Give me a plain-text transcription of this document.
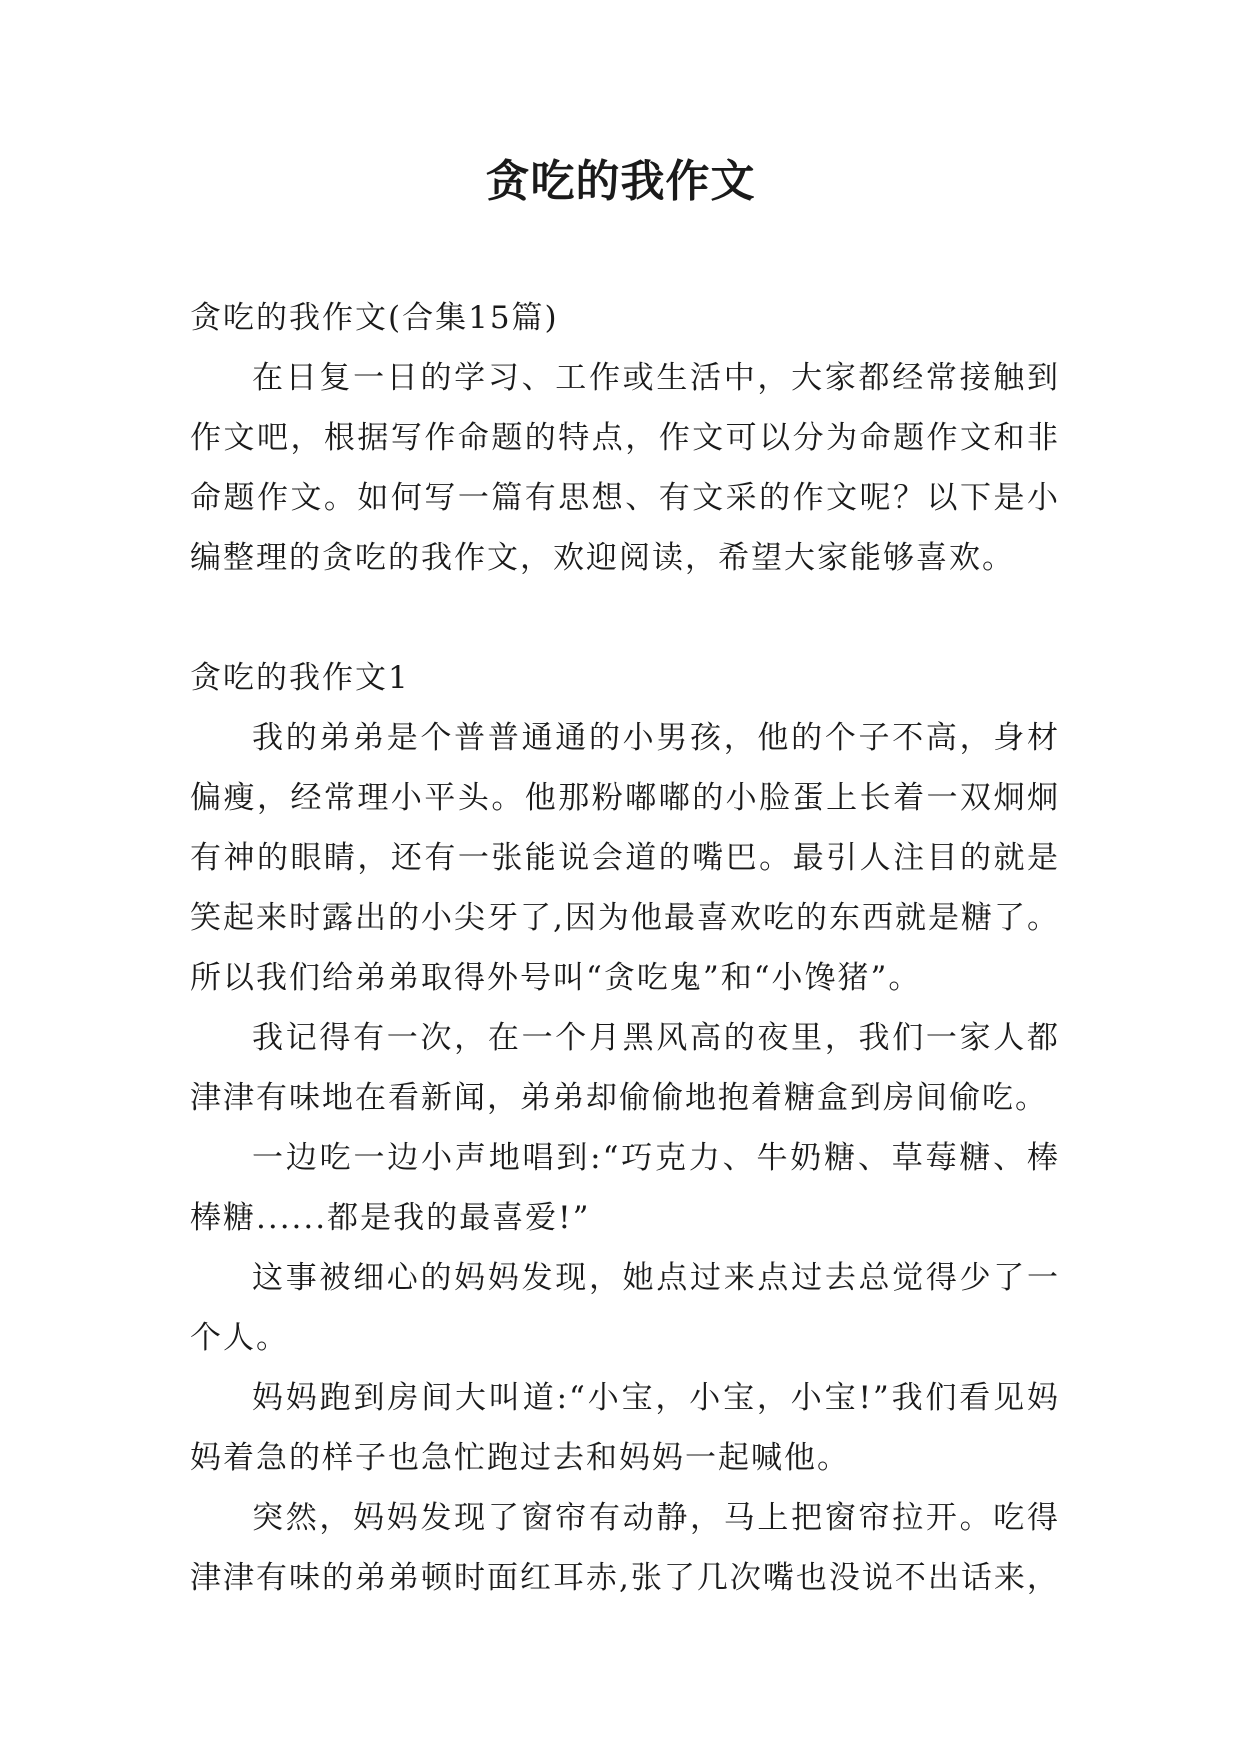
贪吃的我作文

贪吃的我作文(合集15篇)

在日复一日的学习、工作或生活中，大家都经常接触到作文吧，根据写作命题的特点，作文可以分为命题作文和非命题作文。如何写一篇有思想、有文采的作文呢？以下是小编整理的贪吃的我作文，欢迎阅读，希望大家能够喜欢。

贪吃的我作文1

我的弟弟是个普普通通的小男孩，他的个子不高，身材偏瘦，经常理小平头。他那粉嘟嘟的小脸蛋上长着一双炯炯有神的眼睛，还有一张能说会道的嘴巴。最引人注目的就是笑起来时露出的小尖牙了,因为他最喜欢吃的东西就是糖了。所以我们给弟弟取得外号叫“贪吃鬼”和“小馋猪”。

我记得有一次，在一个月黑风高的夜里，我们一家人都津津有味地在看新闻，弟弟却偷偷地抱着糖盒到房间偷吃。

一边吃一边小声地唱到:“巧克力、牛奶糖、草莓糖、棒棒糖......都是我的最喜爱!”

这事被细心的妈妈发现，她点过来点过去总觉得少了一个人。

妈妈跑到房间大叫道:“小宝，小宝，小宝!”我们看见妈妈着急的样子也急忙跑过去和妈妈一起喊他。

突然，妈妈发现了窗帘有动静，马上把窗帘拉开。吃得津津有味的弟弟顿时面红耳赤,张了几次嘴也没说不出话来，
